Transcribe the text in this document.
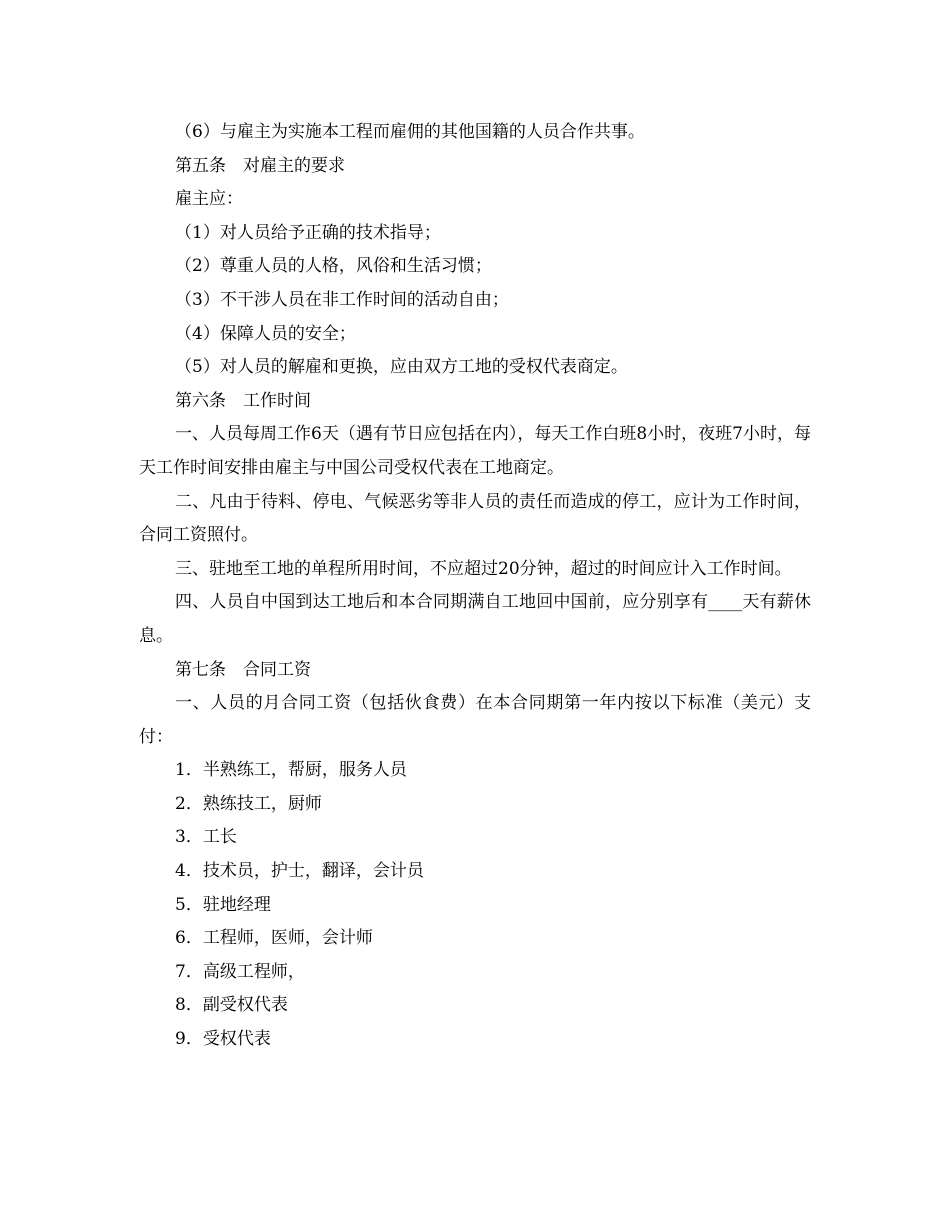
（6）与雇主为实施本工程而雇佣的其他国籍的人员合作共事。

第五条　对雇主的要求

雇主应：

（1）对人员给予正确的技术指导；

（2）尊重人员的人格，风俗和生活习惯；

（3）不干涉人员在非工作时间的活动自由；

（4）保障人员的安全；

（5）对人员的解雇和更换，应由双方工地的受权代表商定。

第六条　工作时间

一、人员每周工作6天（遇有节日应包括在内），每天工作白班8小时，夜班7小时，每天工作时间安排由雇主与中国公司受权代表在工地商定。

二、凡由于待料、停电、气候恶劣等非人员的责任而造成的停工，应计为工作时间，合同工资照付。

三、驻地至工地的单程所用时间，不应超过20分钟，超过的时间应计入工作时间。

四、人员自中国到达工地后和本合同期满自工地回中国前，应分别享有____天有薪休息。

第七条　合同工资

一、人员的月合同工资（包括伙食费）在本合同期第一年内按以下标准（美元）支付：

1．半熟练工，帮厨，服务人员

2．熟练技工，厨师

3．工长

4．技术员，护士，翻译，会计员

5．驻地经理

6．工程师，医师，会计师

7．高级工程师，

8．副受权代表

9．受权代表
